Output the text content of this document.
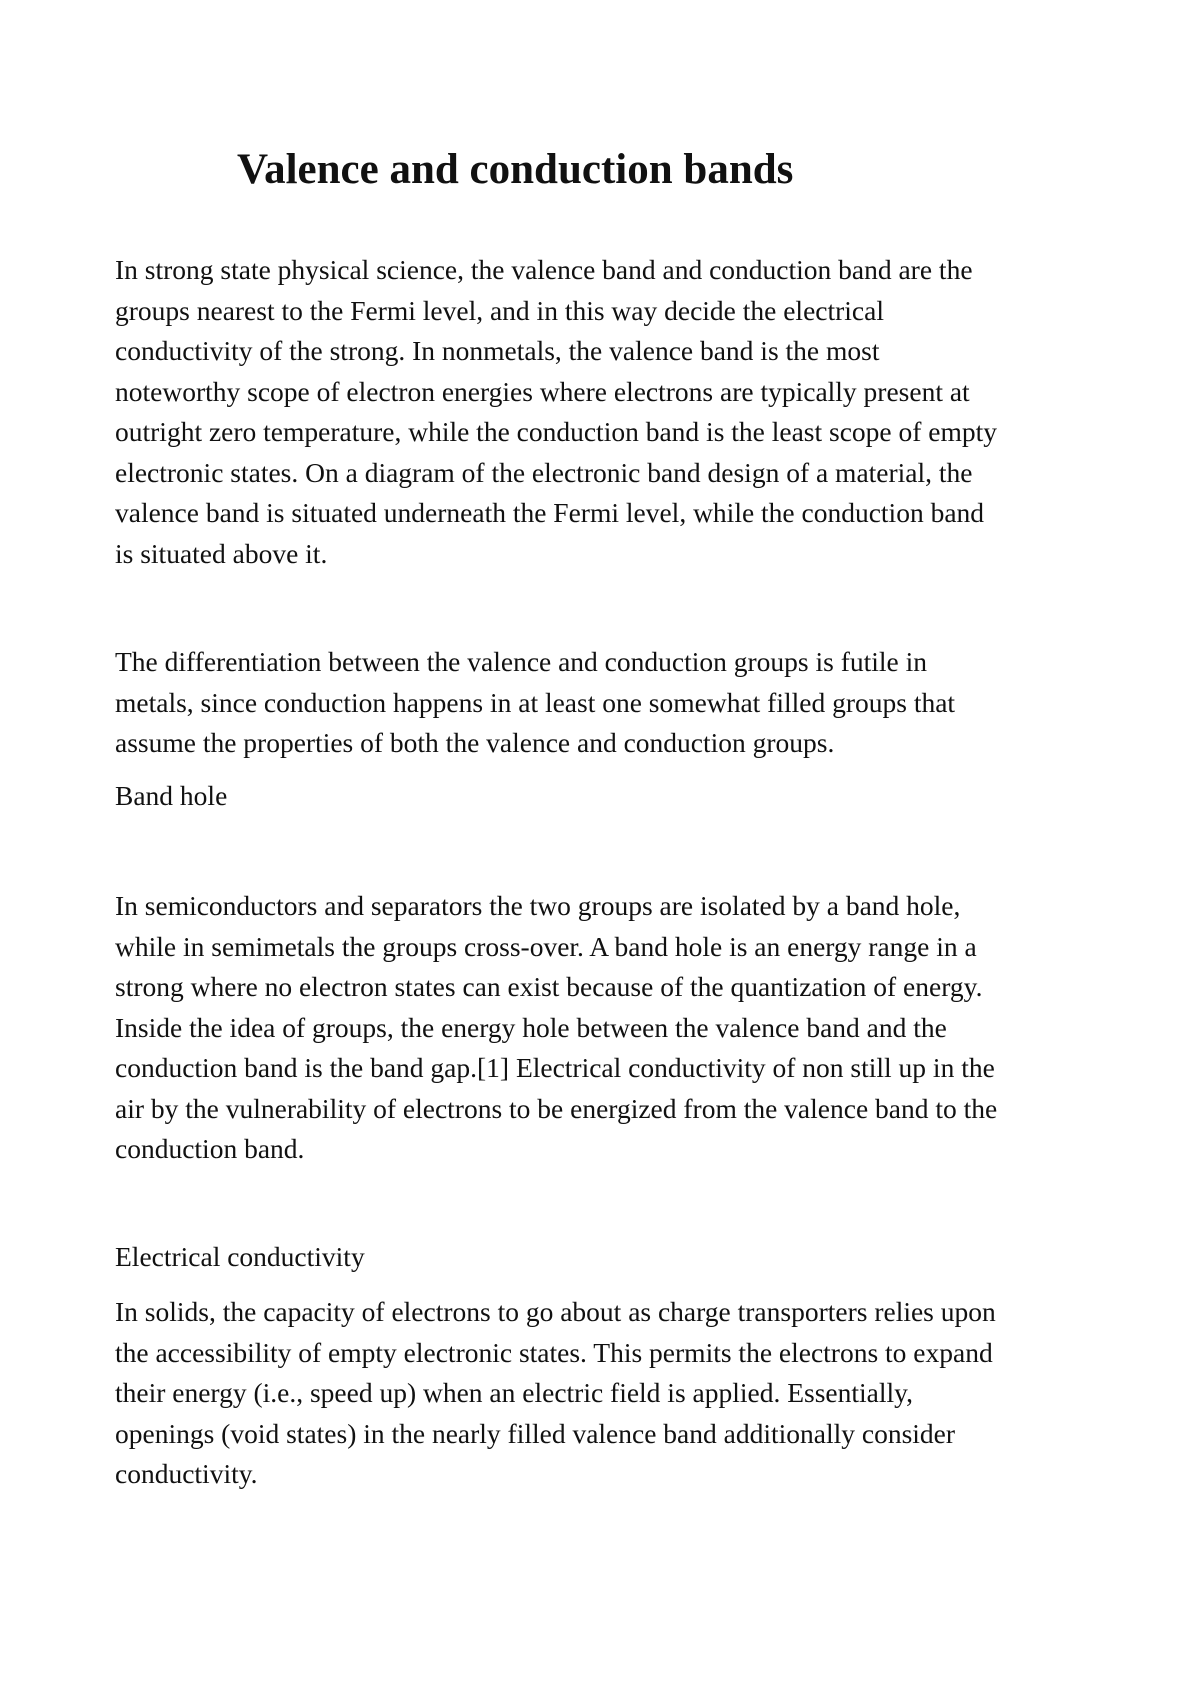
Valence and conduction bands

In strong state physical science, the valence band and conduction band are the
groups nearest to the Fermi level, and in this way decide the electrical
conductivity of the strong. In nonmetals, the valence band is the most
noteworthy scope of electron energies where electrons are typically present at
outright zero temperature, while the conduction band is the least scope of empty
electronic states. On a diagram of the electronic band design of a material, the
valence band is situated underneath the Fermi level, while the conduction band
is situated above it.

The differentiation between the valence and conduction groups is futile in
metals, since conduction happens in at least one somewhat filled groups that
assume the properties of both the valence and conduction groups.

Band hole

In semiconductors and separators the two groups are isolated by a band hole,
while in semimetals the groups cross-over. A band hole is an energy range in a
strong where no electron states can exist because of the quantization of energy.
Inside the idea of groups, the energy hole between the valence band and the
conduction band is the band gap.[1] Electrical conductivity of non still up in the
air by the vulnerability of electrons to be energized from the valence band to the
conduction band.

Electrical conductivity

In solids, the capacity of electrons to go about as charge transporters relies upon
the accessibility of empty electronic states. This permits the electrons to expand
their energy (i.e., speed up) when an electric field is applied. Essentially,
openings (void states) in the nearly filled valence band additionally consider
conductivity.
